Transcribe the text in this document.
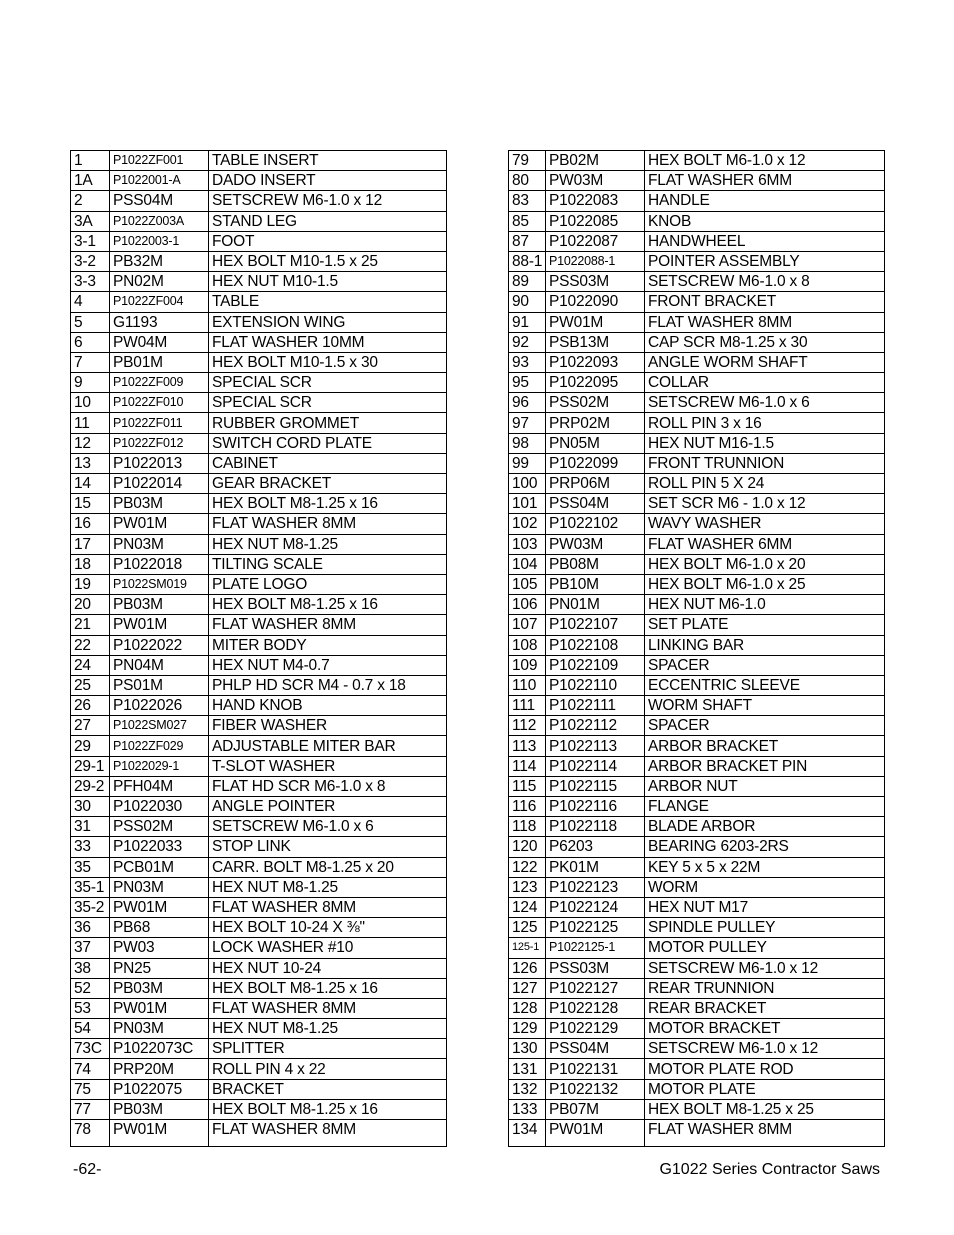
1	P1022ZF001	TABLE INSERT
1A	P1022001-A	DADO INSERT
2	PSS04M	SETSCREW M6-1.0 x 12
3A	P1022Z003A	STAND LEG
3-1	P1022003-1	FOOT
3-2	PB32M	HEX BOLT M10-1.5 x 25
3-3	PN02M	HEX NUT M10-1.5
4	P1022ZF004	TABLE
5	G1193	EXTENSION WING
6	PW04M	FLAT WASHER 10MM
7	PB01M	HEX BOLT M10-1.5 x 30
9	P1022ZF009	SPECIAL SCR
10	P1022ZF010	SPECIAL SCR
11	P1022ZF011	RUBBER GROMMET
12	P1022ZF012	SWITCH CORD PLATE
13	P1022013	CABINET
14	P1022014	GEAR BRACKET
15	PB03M	HEX BOLT M8-1.25 x 16
16	PW01M	FLAT WASHER 8MM
17	PN03M	HEX NUT M8-1.25
18	P1022018	TILTING SCALE
19	P1022SM019	PLATE LOGO
20	PB03M	HEX BOLT M8-1.25 x 16
21	PW01M	FLAT WASHER 8MM
22	P1022022	MITER BODY
24	PN04M	HEX NUT M4-0.7
25	PS01M	PHLP HD SCR M4 - 0.7 x 18
26	P1022026	HAND KNOB
27	P1022SM027	FIBER WASHER
29	P1022ZF029	ADJUSTABLE MITER BAR
29-1	P1022029-1	T-SLOT WASHER
29-2	PFH04M	FLAT HD SCR M6-1.0 x 8
30	P1022030	ANGLE POINTER
31	PSS02M	SETSCREW M6-1.0 x 6
33	P1022033	STOP LINK
35	PCB01M	CARR. BOLT M8-1.25 x 20
35-1	PN03M	HEX NUT M8-1.25
35-2	PW01M	FLAT WASHER 8MM
36	PB68	HEX BOLT 10-24 X ⅜"
37	PW03	LOCK WASHER #10
38	PN25	HEX NUT 10-24
52	PB03M	HEX BOLT M8-1.25 x 16
53	PW01M	FLAT WASHER 8MM
54	PN03M	HEX NUT M8-1.25
73C	P1022073C	SPLITTER
74	PRP20M	ROLL PIN 4 x 22
75	P1022075	BRACKET
77	PB03M	HEX BOLT M8-1.25 x 16
78	PW01M	FLAT WASHER 8MM
79	PB02M	HEX BOLT M6-1.0 x 12
80	PW03M	FLAT WASHER 6MM
83	P1022083	HANDLE
85	P1022085	KNOB
87	P1022087	HANDWHEEL
88-1	P1022088-1	POINTER ASSEMBLY
89	PSS03M	SETSCREW M6-1.0 x 8
90	P1022090	FRONT BRACKET
91	PW01M	FLAT WASHER 8MM
92	PSB13M	CAP SCR M8-1.25 x 30
93	P1022093	ANGLE WORM SHAFT
95	P1022095	COLLAR
96	PSS02M	SETSCREW M6-1.0 x 6
97	PRP02M	ROLL PIN 3 x 16
98	PN05M	HEX NUT M16-1.5
99	P1022099	FRONT TRUNNION
100	PRP06M	ROLL PIN 5 X 24
101	PSS04M	SET SCR M6 - 1.0 x 12
102	P1022102	WAVY WASHER
103	PW03M	FLAT WASHER 6MM
104	PB08M	HEX BOLT M6-1.0 x 20
105	PB10M	HEX BOLT M6-1.0 x 25
106	PN01M	HEX NUT M6-1.0
107	P1022107	SET PLATE
108	P1022108	LINKING BAR
109	P1022109	SPACER
110	P1022110	ECCENTRIC SLEEVE
111	P1022111	WORM SHAFT
112	P1022112	SPACER
113	P1022113	ARBOR BRACKET
114	P1022114	ARBOR BRACKET PIN
115	P1022115	ARBOR NUT
116	P1022116	FLANGE
118	P1022118	BLADE ARBOR
120	P6203	BEARING 6203-2RS
122	PK01M	KEY 5 x 5 x 22M
123	P1022123	WORM
124	P1022124	HEX NUT M17
125	P1022125	SPINDLE PULLEY
125-1	P1022125-1	MOTOR PULLEY
126	PSS03M	SETSCREW M6-1.0 x 12
127	P1022127	REAR TRUNNION
128	P1022128	REAR BRACKET
129	P1022129	MOTOR BRACKET
130	PSS04M	SETSCREW M6-1.0 x 12
131	P1022131	MOTOR PLATE ROD
132	P1022132	MOTOR PLATE
133	PB07M	HEX BOLT M8-1.25 x 25
134	PW01M	FLAT WASHER 8MM
-62-	G1022 Series Contractor Saws
